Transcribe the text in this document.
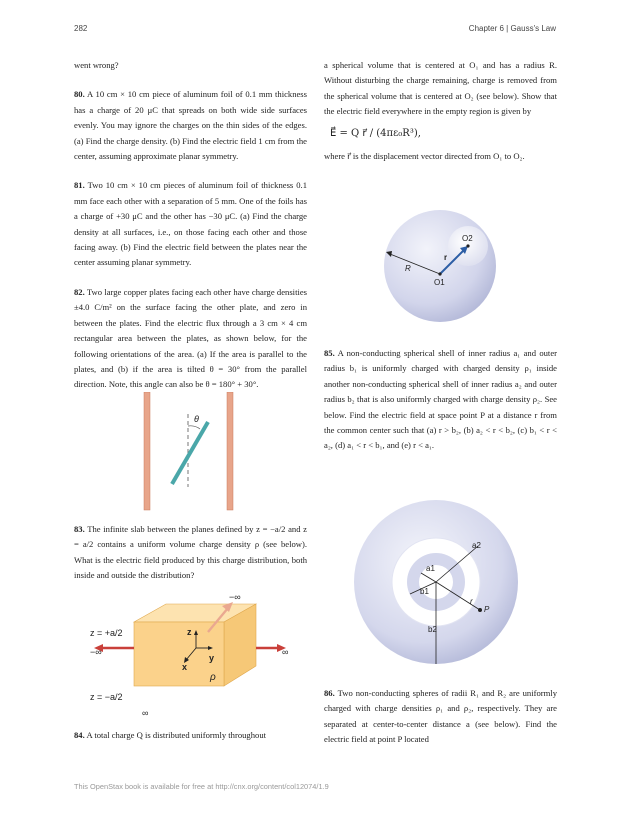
282	Chapter 6 | Gauss's Law

went wrong?

80. A 10 cm × 10 cm piece of aluminum foil of 0.1 mm thickness has a charge of 20 μC that spreads on both wide side surfaces evenly. You may ignore the charges on the thin sides of the edges. (a) Find the charge density. (b) Find the electric field 1 cm from the center, assuming approximate planar symmetry.

81. Two 10 cm × 10 cm pieces of aluminum foil of thickness 0.1 mm face each other with a separation of 5 mm. One of the foils has a charge of +30 μC and the other has −30 μC. (a) Find the charge density at all surfaces, i.e., on those facing each other and those facing away. (b) Find the electric field between the plates near the center assuming planar symmetry.

82. Two large copper plates facing each other have charge densities ±4.0 C/m² on the surface facing the other plate, and zero in between the plates. Find the electric flux through a 3 cm × 4 cm rectangular area between the plates, as shown below, for the following orientations of the area. (a) If the area is parallel to the plates, and (b) if the area is tilted θ = 30° from the parallel direction. Note, this angle can also be θ = 180° + 30°.

θ

83. The infinite slab between the planes defined by z = −a/2 and z = a/2 contains a uniform volume charge density ρ (see below). What is the electric field produced by this charge distribution, both inside and outside the distribution?

z
y
x
ρ
z = +a/2
z = −a/2
−∞	∞
−∞
∞

84. A total charge Q is distributed uniformly throughout

a spherical volume that is centered at O₁ and has a radius R. Without disturbing the charge remaining, charge is removed from the spherical volume that is centered at O₂ (see below). Show that the electric field everywhere in the empty region is given by

E⃗ = Q r⃗ / (4πε₀R³),

where r⃗ is the displacement vector directed from O₁ to O₂.

O1
O2
R
r

85. A non-conducting spherical shell of inner radius a₁ and outer radius b₁ is uniformly charged with charged density ρ₁ inside another non-conducting spherical shell of inner radius a₂ and outer radius b₂ that is also uniformly charged with charge density ρ₂. See below. Find the electric field at space point P at a distance r from the common center such that (a) r > b₂, (b) a₂ < r < b₂, (c) b₁ < r < a₂, (d) a₁ < r < b₁, and (e) r < a₁.

a2
a1
b1
b2
r
P

86. Two non-conducting spheres of radii R₁ and R₂ are uniformly charged with charge densities ρ₁ and ρ₂, respectively. They are separated at center-to-center distance a (see below). Find the electric field at point P located

This OpenStax book is available for free at http://cnx.org/content/col12074/1.9
